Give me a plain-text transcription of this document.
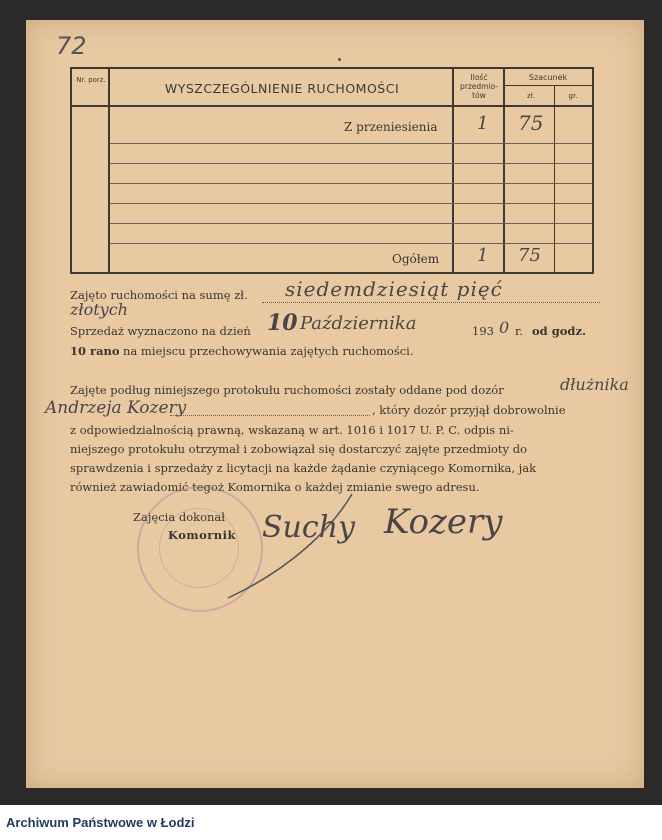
72
Nr. porz.
WYSZCZEGÓLNIENIE RUCHOMOŚCI
Ilość przedmio- tów
Szacunek
zł.	gr.
Z przeniesienia 1 75
Ogółem 1 75
Zajęto ruchomości na sumę zł. siedemdziesiąt pięć
złotych
Sprzedaż wyznaczono na dzień 10 Października	193 0 r. od godz.
10 rano na miejscu przechowywania zajętych ruchomości.
Zajęte podług niniejszego protokułu ruchomości zostały oddane pod dozór	dłużnika
Andrzeja Kozery	, który dozór przyjął dobrowolnie
z odpowiedzialnością prawną, wskazaną w art. 1016 i 1017 U. P. C. odpis ni-
niejszego protokułu otrzymał i zobowiązał się dostarczyć zajęte przedmioty do
sprawdzenia i sprzedaży z licytacji na każde żądanie czyniącego Komornika, jak
również zawiadomić tegoż Komornika o każdej zmianie swego adresu.
Zajęcia dokonał
Komornik Suchy Kozery
Archiwum Państwowe w Łodzi
